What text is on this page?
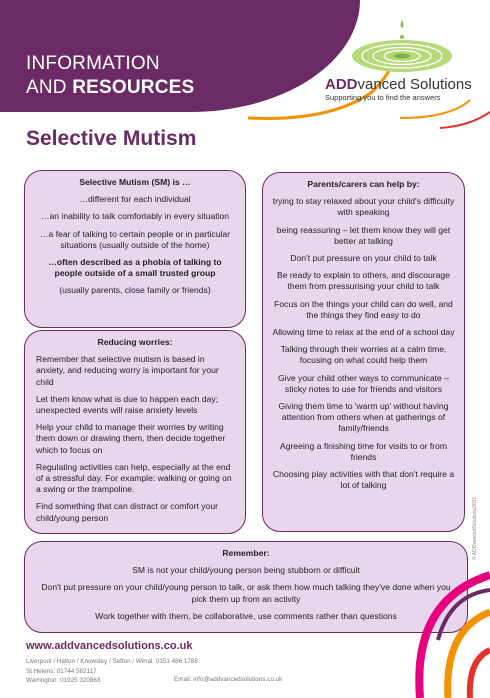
INFORMATION
AND RESOURCES	ADDvanced Solutions
Supporting you to find the answers
Selective Mutism
Selective Mutism (SM) is …

…different for each individual

…an inability to talk comfortably in every situation

…a fear of talking to certain people or in particular situations (usually outside of the home)

…often described as a phobia of talking to people outside of a small trusted group

(usually parents, close family or friends)

Reducing worries:

Remember that selective mutism is based in anxiety, and reducing worry is important for your child

Let them know what is due to happen each day; unexpected events will raise anxiety levels

Help your child to manage their worries by writing them down or drawing them, then decide together which to focus on

Regulating activities can help, especially at the end of a stressful day. For example: walking or going on a swing or the trampoline.

Find something that can distract or comfort your child/young person

Parents/carers can help by:

trying to stay relaxed about your child's difficulty with speaking

being reassuring – let them know they will get better at talking

Don't put pressure on your child to talk

Be ready to explain to others, and discourage them from pressurising your child to talk

Focus on the things your child can do well, and the things they find easy to do

Allowing time to relax at the end of a school day

Talking through their worries at a calm time, focusing on what could help them

Give your child other ways to communicate – sticky notes to use for friends and visitors

Giving them time to 'warm up' without having attention from others when at gatherings of family/friends

Agreeing a finishing time for visits to or from friends

Choosing play activities with that don't require a lot of talking

© ADDvancedSolutions2021
Remember:

SM is not your child/young person being stubborn or difficult

Don't put pressure on your child/young person to talk, or ask them how much talking they've done when you pick them up from an activity

Work together with them, be collaborative, use comments rather than questions

www.addvancedsolutions.co.uk
Liverpool / Halton / Knowsley / Sefton / Wirral: 0151 486 1788
St Helens: 01744 582117
Warrington: 01925 320863	Email: info@addvancedsolutions.co.uk
